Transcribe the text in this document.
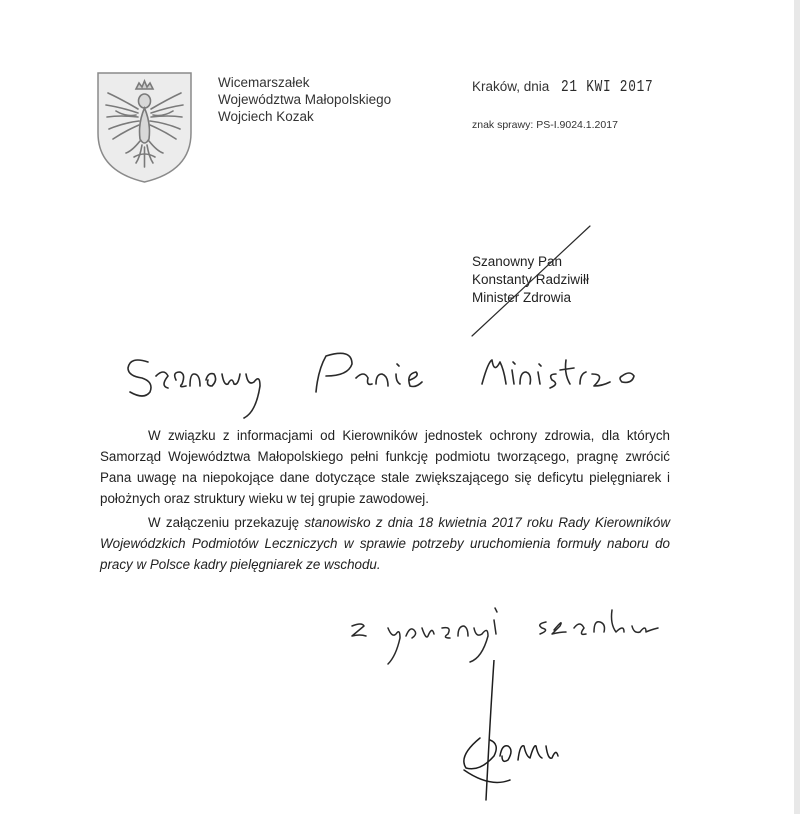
Wicemarszałek
Województwa Małopolskiego
Wojciech Kozak
Kraków, dnia 21 KWI 2017
znak sprawy: PS-I.9024.1.2017
Szanowny Pan
Konstanty Radziwiłł
Minister Zdrowia

W związku z informacjami od Kierowników jednostek ochrony zdrowia, dla których Samorząd Województwa Małopolskiego pełni funkcję podmiotu tworzącego, pragnę zwrócić Pana uwagę na niepokojące dane dotyczące stale zwiększającego się deficytu pielęgniarek i położnych oraz struktury wieku w tej grupie zawodowej.

W załączeniu przekazuję stanowisko z dnia 18 kwietnia 2017 roku Rady Kierowników Wojewódzkich Podmiotów Leczniczych w sprawie potrzeby uruchomienia formuły naboru do pracy w Polsce kadry pielęgniarek ze wschodu.
